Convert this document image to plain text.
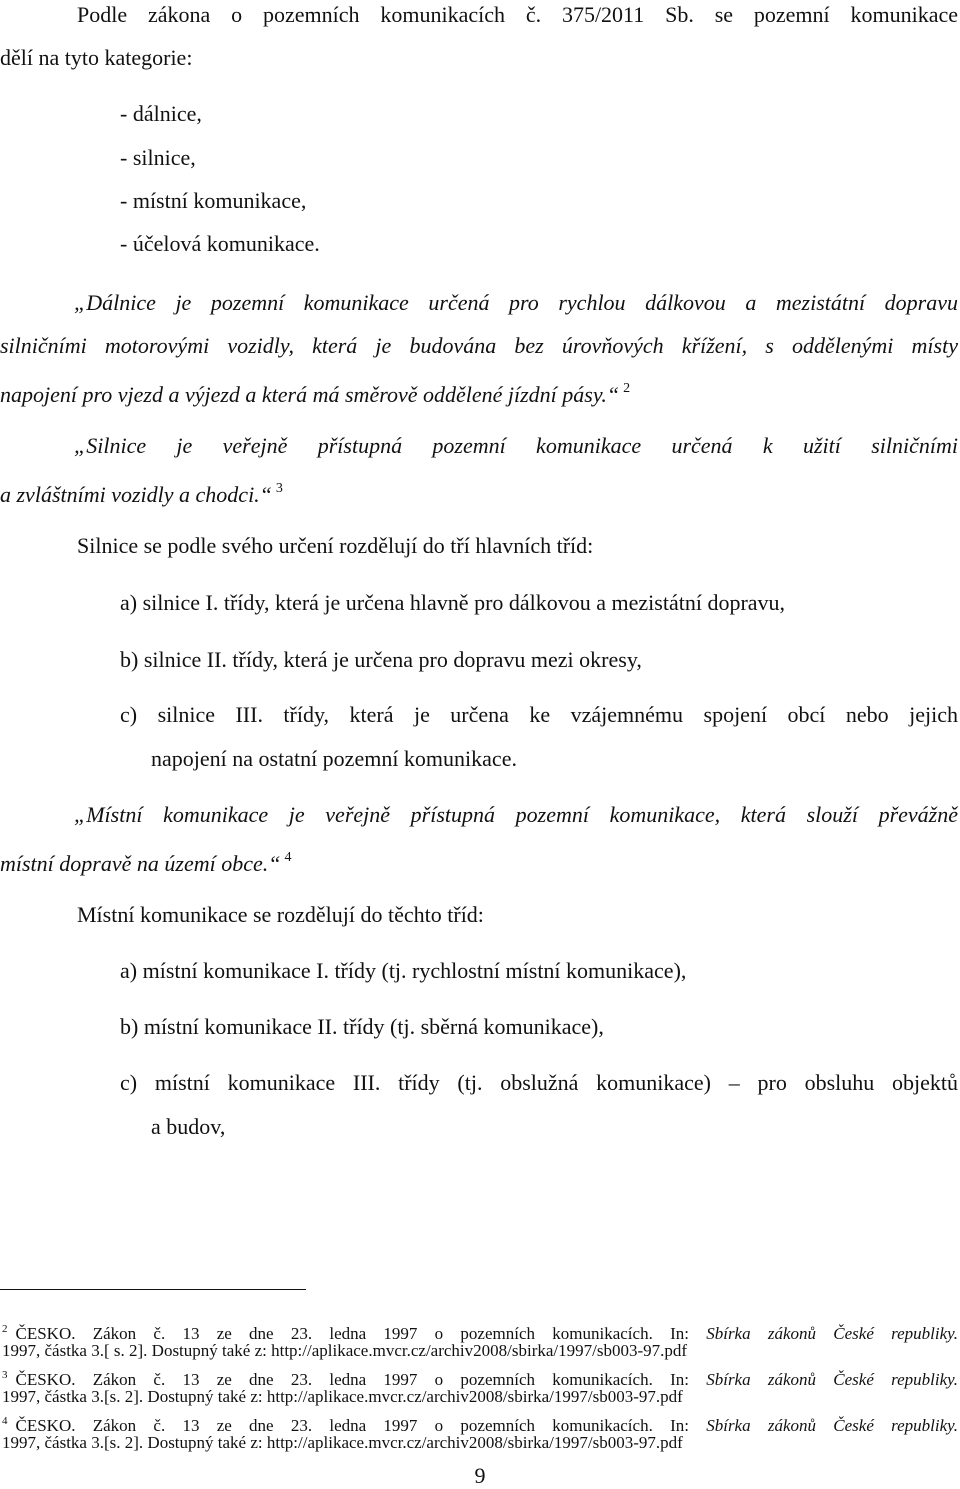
Podle zákona o pozemních komunikacích č. 375/2011 Sb. se pozemní komunikace
dělí na tyto kategorie:
- dálnice,
- silnice,
- místní komunikace,
- účelová komunikace.
„Dálnice je pozemní komunikace určená pro rychlou dálkovou a mezistátní dopravu
silničními motorovými vozidly, která je budována bez úrovňových křížení, s oddělenými místy
napojení pro vjezd a výjezd a která má směrově oddělené jízdní pásy.“ $^2$
„Silnice je veřejně přístupná pozemní komunikace určená k užití silničními
a zvláštními vozidly a chodci.“ $^3$
Silnice se podle svého určení rozdělují do tří hlavních tříd:
a) silnice I. třídy, která je určena hlavně pro dálkovou a mezistátní dopravu,
b) silnice II. třídy, která je určena pro dopravu mezi okresy,
c) silnice III. třídy, která je určena ke vzájemnému spojení obcí nebo jejich
napojení na ostatní pozemní komunikace.
„Místní komunikace je veřejně přístupná pozemní komunikace, která slouží převážně
místní dopravě na území obce.“ $^4$
Místní komunikace se rozdělují do těchto tříd:
a) místní komunikace I. třídy (tj. rychlostní místní komunikace),
b) místní komunikace II. třídy (tj. sběrná komunikace),
c) místní komunikace III. třídy (tj. obslužná komunikace) – pro obsluhu objektů
a budov,
$^2$ ČESKO. Zákon č. 13 ze dne 23. ledna 1997 o pozemních komunikacích. In: Sbírka zákonů České republiky.
1997, částka 3.[ s. 2]. Dostupný také z: http://aplikace.mvcr.cz/archiv2008/sbirka/1997/sb003-97.pdf
$^3$ ČESKO. Zákon č. 13 ze dne 23. ledna 1997 o pozemních komunikacích. In: Sbírka zákonů České republiky.
1997, částka 3.[s. 2]. Dostupný také z: http://aplikace.mvcr.cz/archiv2008/sbirka/1997/sb003-97.pdf
$^4$ ČESKO. Zákon č. 13 ze dne 23. ledna 1997 o pozemních komunikacích. In: Sbírka zákonů České republiky.
1997, částka 3.[s. 2]. Dostupný také z: http://aplikace.mvcr.cz/archiv2008/sbirka/1997/sb003-97.pdf
9
